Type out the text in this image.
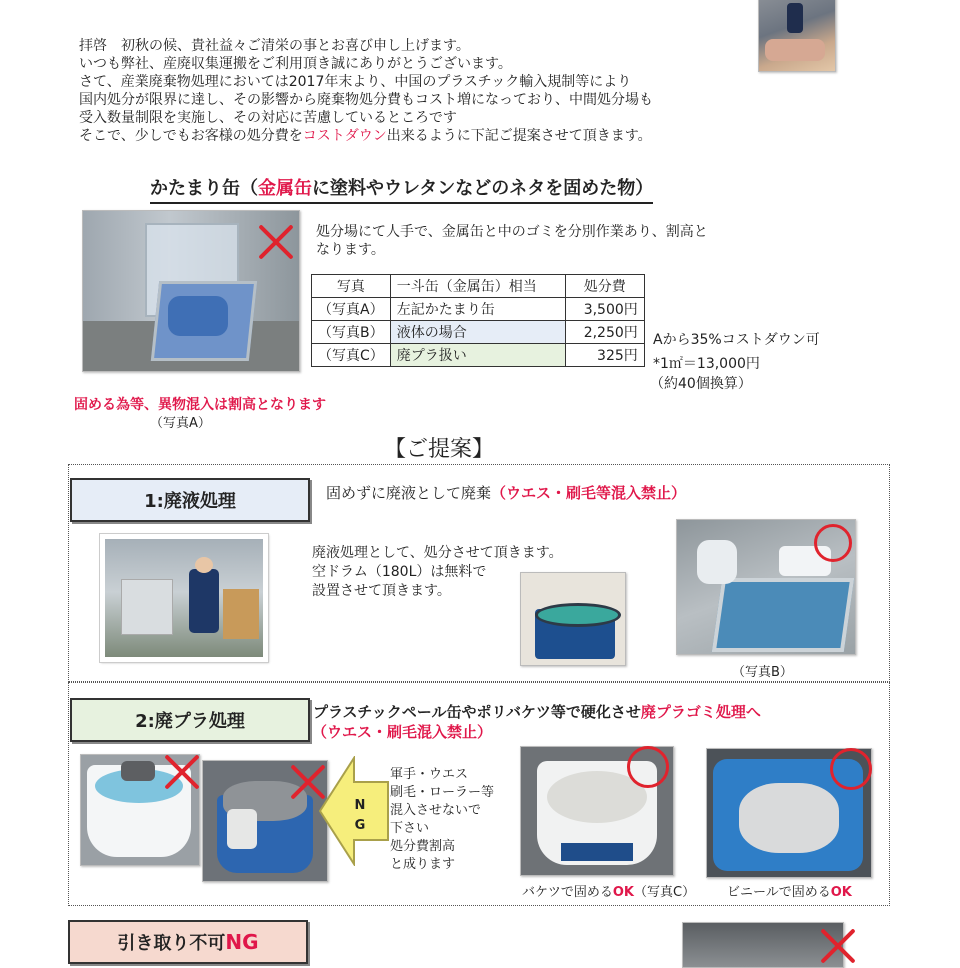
拝啓　初秋の候、貴社益々ご清栄の事とお喜び申し上げます。
いつも弊社、産廃収集運搬をご利用頂き誠にありがとうございます。
さて、産業廃棄物処理においては2017年末より、中国のプラスチック輸入規制等により
国内処分が限界に達し、その影響から廃棄物処分費もコスト増になっており、中間処分場も
受入数量制限を実施し、その対応に苦慮しているところです
そこで、少しでもお客様の処分費をコストダウン出来るように下記ご提案させて頂きます。
かたまり缶（金属缶に塗料やウレタンなどのネタを固めた物）
処分場にて人手で、金属缶と中のゴミを分別作業あり、割高と
なります。
写真	一斗缶（金属缶）相当	処分費
（写真A）	左記かたまり缶	3,500円
（写真B）	液体の場合	2,250円
（写真C）	廃プラ扱い	325円
Aから35%コストダウン可
*1㎡＝13,000円
（約40個換算）
固める為等、異物混入は割高となります
（写真A）
【ご提案】
1:廃液処理	固めずに廃液として廃棄（ウエス・刷毛等混入禁止）
廃液処理として、処分させて頂きます。
空ドラム（180L）は無料で
設置させて頂きます。
（写真B）
2:廃プラ処理	プラスチックペール缶やポリバケツ等で硬化させ廃プラゴミ処理へ
（ウエス・刷毛混入禁止）
N G
軍手・ウエス
刷毛・ローラー等
混入させないで
下さい
処分費割高
と成ります
バケツで固めるOK（写真C） ビニールで固めるOK
引き取り不可 NG
